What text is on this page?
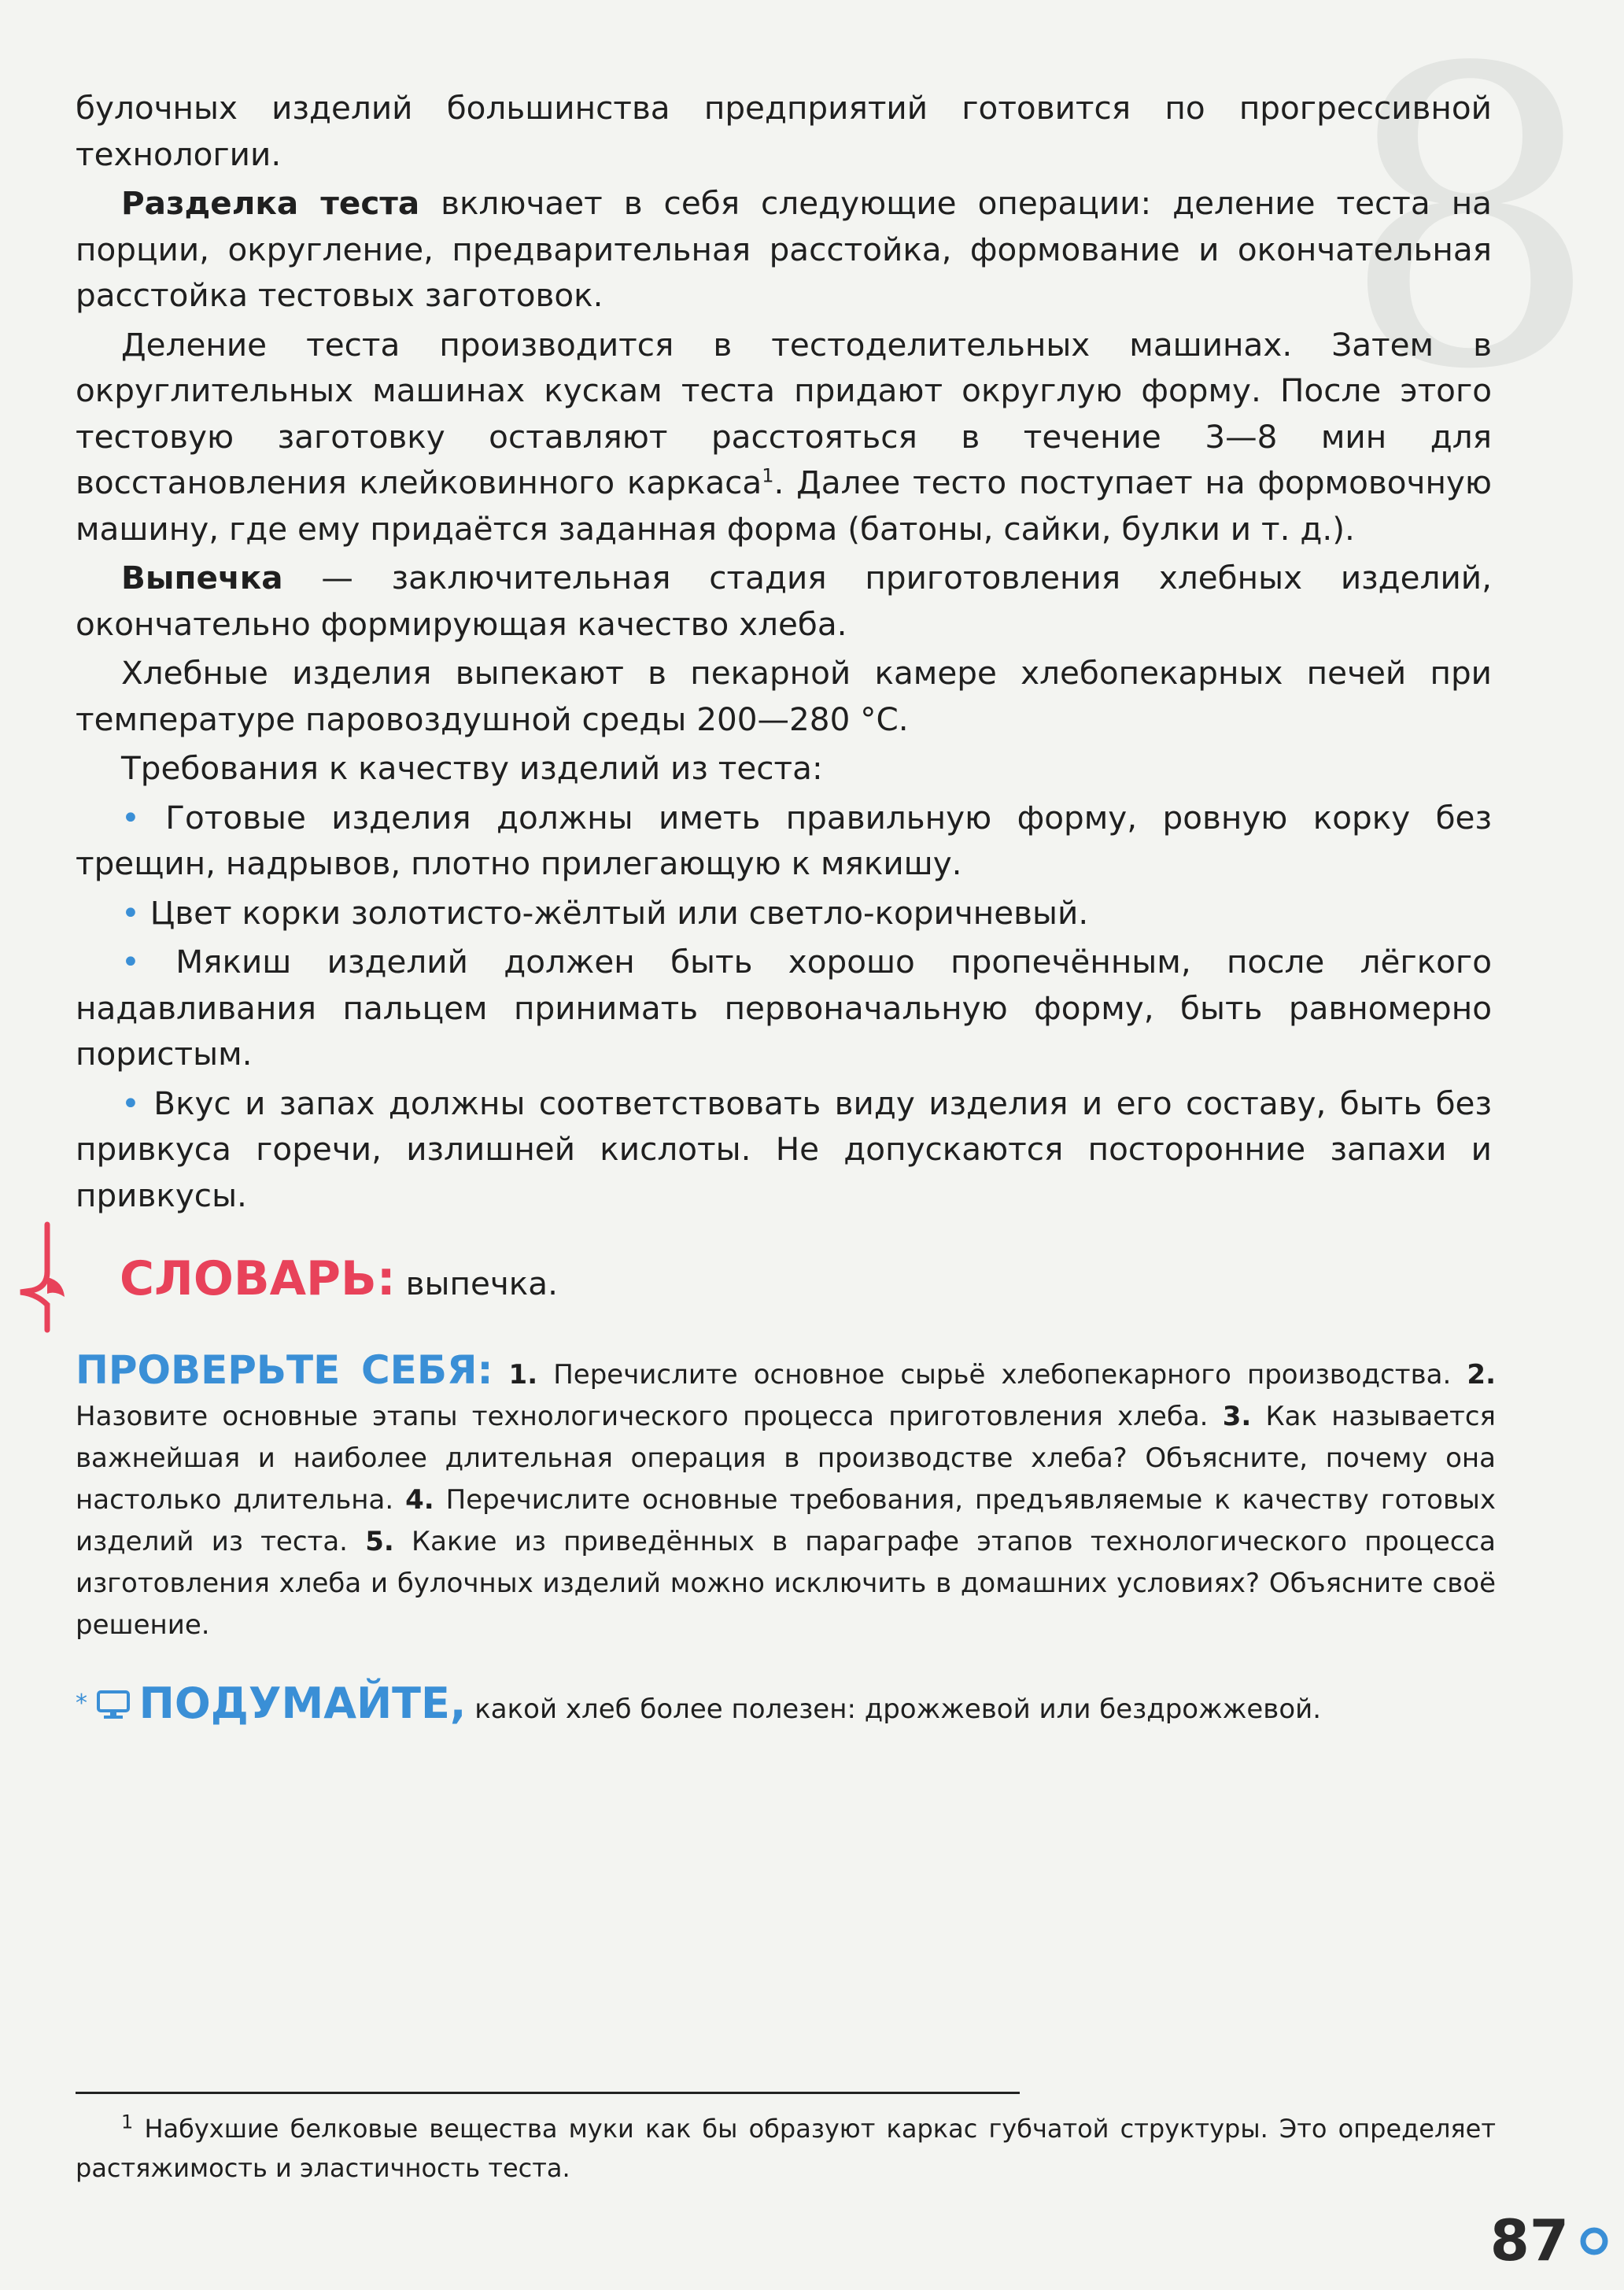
8

булочных изделий большинства предприятий готовится по прогрессивной технологии.

Разделка теста включает в себя следующие операции: деление теста на порции, округление, предварительная расстойка, формование и окончательная расстойка тестовых заготовок.

Деление теста производится в тестоделительных машинах. Затем в округлительных машинах кускам теста придают округлую форму. После этого тестовую заготовку оставляют расстояться в течение 3—8 мин для восстановления клейковинного каркаса$^1$. Далее тесто поступает на формовочную машину, где ему придаётся заданная форма (батоны, сайки, булки и т. д.).

Выпечка — заключительная стадия приготовления хлебных изделий, окончательно формирующая качество хлеба.

Хлебные изделия выпекают в пекарной камере хлебопекарных печей при температуре паровоздушной среды 200—280 °С.

Требования к качеству изделий из теста:

• Готовые изделия должны иметь правильную форму, ровную корку без трещин, надрывов, плотно прилегающую к мякишу.

• Цвет корки золотисто-жёлтый или светло-коричневый.

• Мякиш изделий должен быть хорошо пропечённым, после лёгкого надавливания пальцем принимать первоначальную форму, быть равномерно пористым.

• Вкус и запах должны соответствовать виду изделия и его составу, быть без привкуса горечи, излишней кислоты. Не допускаются посторонние запахи и привкусы.

СЛОВАРЬ: выпечка.

ПРОВЕРЬТЕ СЕБЯ: 1. Перечислите основное сырьё хлебопекарного производства. 2. Назовите основные этапы технологического процесса приготовления хлеба. 3. Как называется важнейшая и наиболее длительная операция в производстве хлеба? Объясните, почему она настолько длительна. 4. Перечислите основные требования, предъявляемые к качеству готовых изделий из теста. 5. Какие из приведённых в параграфе этапов технологического процесса изготовления хлеба и булочных изделий можно исключить в домашних условиях? Объясните своё решение.

* ПОДУМАЙТЕ, какой хлеб более полезен: дрожжевой или бездрожжевой.

$^1$ Набухшие белковые вещества муки как бы образуют каркас губчатой структуры. Это определяет растяжимость и эластичность теста.

87
